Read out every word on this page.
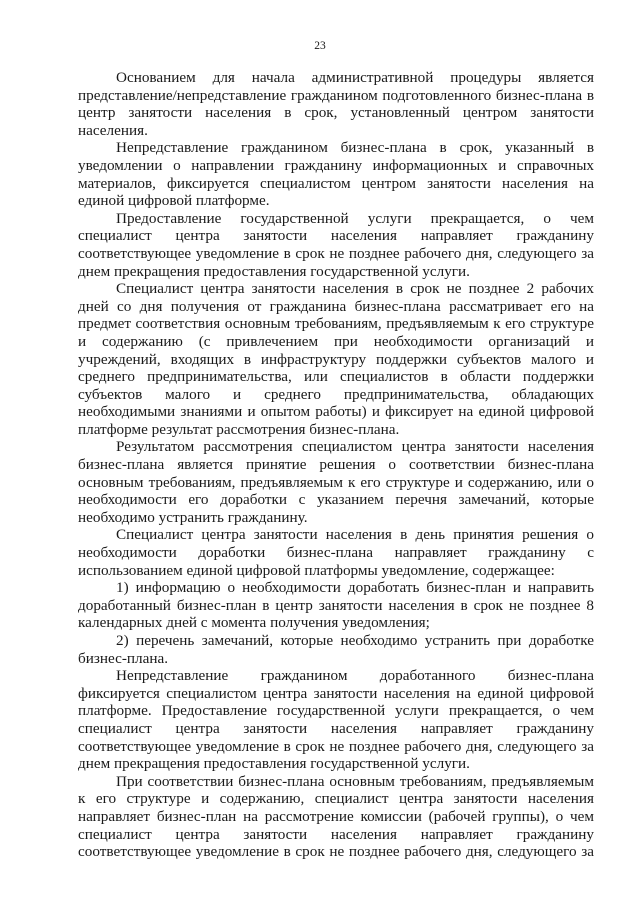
23

Основанием для начала административной процедуры является представление/непредставление гражданином подготовленного бизнес-плана в центр занятости населения в срок, установленный центром занятости населения.

Непредставление гражданином бизнес-плана в срок, указанный в уведомлении о направлении гражданину информационных и справочных материалов, фиксируется специалистом центром занятости населения на единой цифровой платформе.

Предоставление государственной услуги прекращается, о чем специалист центра занятости населения направляет гражданину соответствующее уведомление в срок не позднее рабочего дня, следующего за днем прекращения предоставления государственной услуги.

Специалист центра занятости населения в срок не позднее 2 рабочих дней со дня получения от гражданина бизнес-плана рассматривает его на предмет соответствия основным требованиям, предъявляемым к его структуре и содержанию (с привлечением при необходимости организаций и учреждений, входящих в инфраструктуру поддержки субъектов малого и среднего предпринимательства, или специалистов в области поддержки субъектов малого и среднего предпринимательства, обладающих необходимыми знаниями и опытом работы) и фиксирует на единой цифровой платформе результат рассмотрения бизнес-плана.

Результатом рассмотрения специалистом центра занятости населения бизнес-плана является принятие решения о соответствии бизнес-плана основным требованиям, предъявляемым к его структуре и содержанию, или о необходимости его доработки с указанием перечня замечаний, которые необходимо устранить гражданину.

Специалист центра занятости населения в день принятия решения о необходимости доработки бизнес-плана направляет гражданину с использованием единой цифровой платформы уведомление, содержащее:

1) информацию о необходимости доработать бизнес-план и направить доработанный бизнес-план в центр занятости населения в срок не позднее 8 календарных дней с момента получения уведомления;

2) перечень замечаний, которые необходимо устранить при доработке бизнес-плана.

Непредставление гражданином доработанного бизнес-плана фиксируется специалистом центра занятости населения на единой цифровой платформе. Предоставление государственной услуги прекращается, о чем специалист центра занятости населения направляет гражданину соответствующее уведомление в срок не позднее рабочего дня, следующего за днем прекращения предоставления государственной услуги.

При соответствии бизнес-плана основным требованиям, предъявляемым к его структуре и содержанию, специалист центра занятости населения направляет бизнес-план на рассмотрение комиссии (рабочей группы), о чем специалист центра занятости населения направляет гражданину соответствующее уведомление в срок не позднее рабочего дня, следующего за
